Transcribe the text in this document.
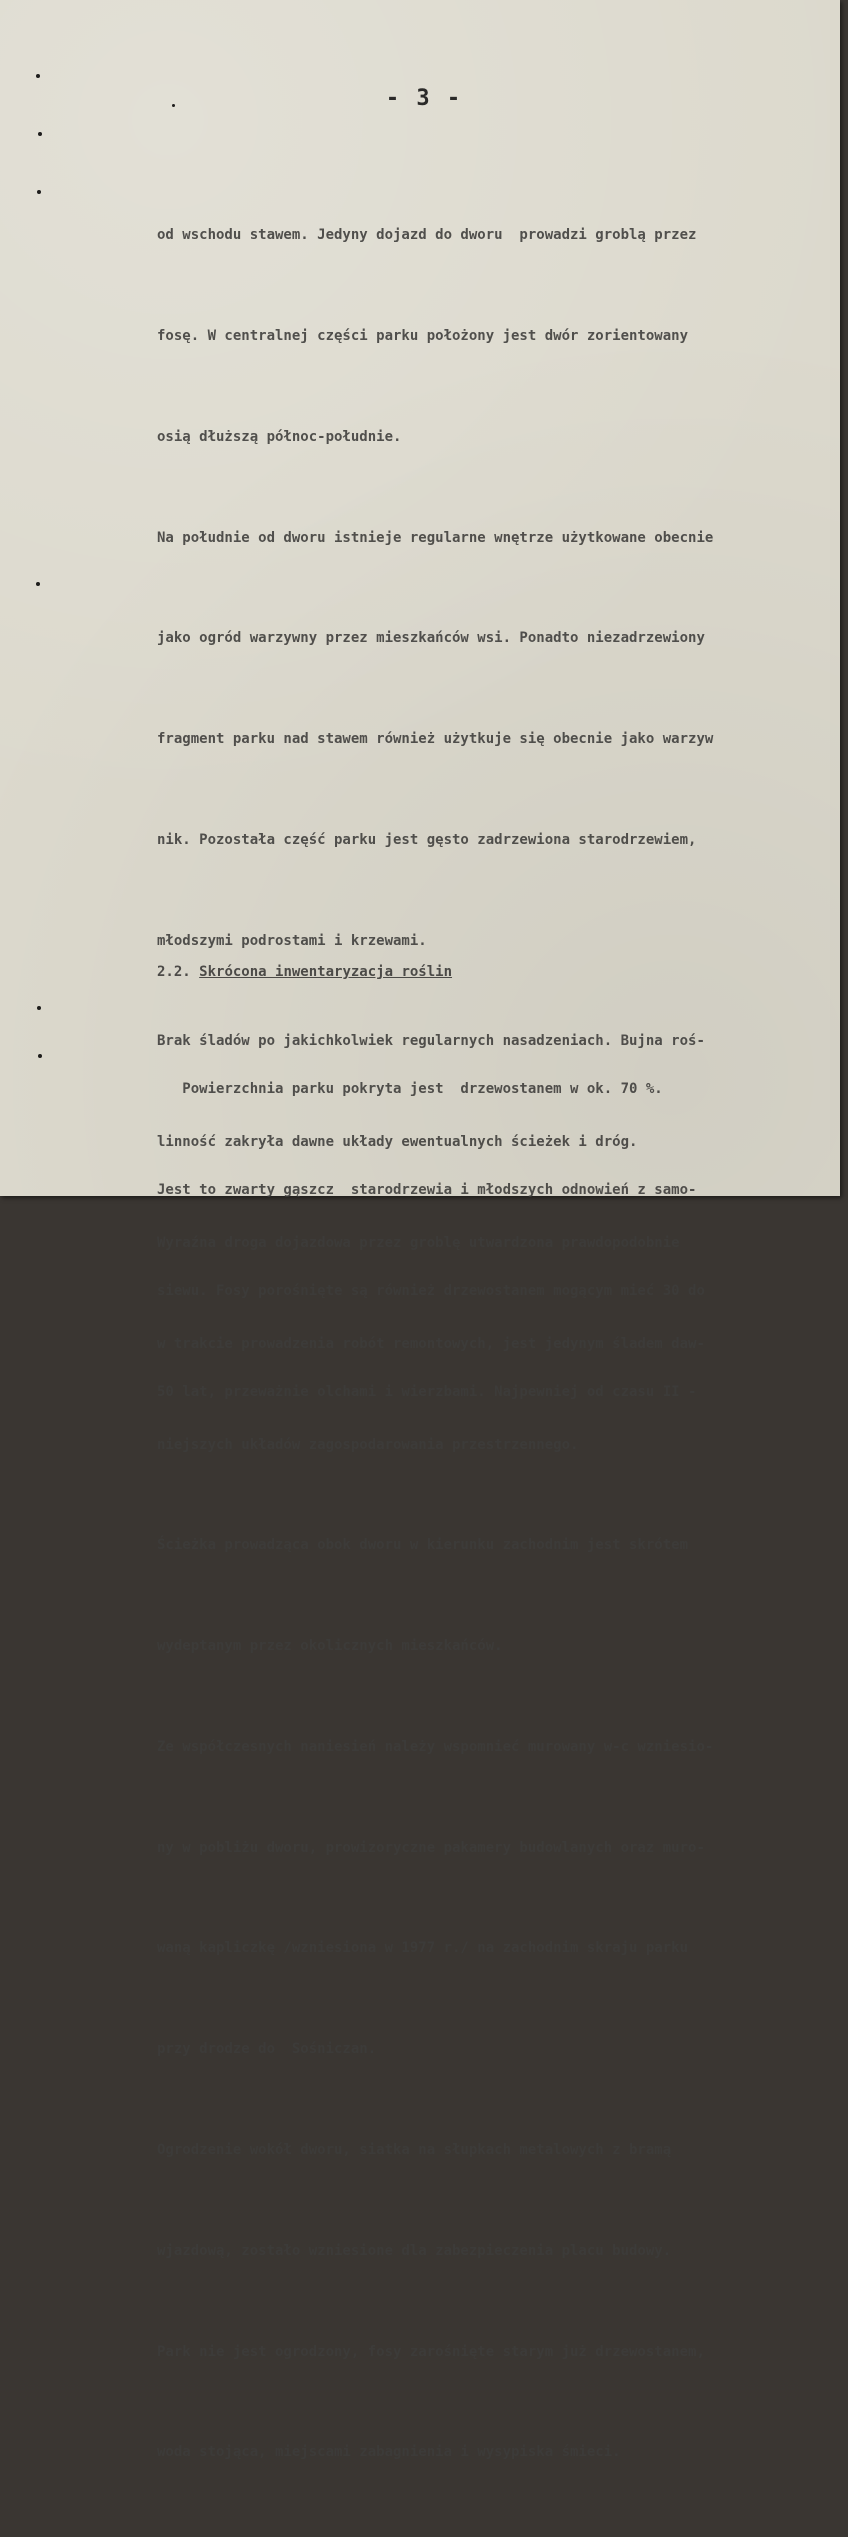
- 3 -

od wschodu stawem. Jedyny dojazd do dworu  prowadzi groblą przez

fosę. W centralnej części parku położony jest dwór zorientowany

osią dłuższą północ-południe.

Na południe od dworu istnieje regularne wnętrze użytkowane obecnie

jako ogród warzywny przez mieszkańców wsi. Ponadto niezadrzewiony

fragment parku nad stawem również użytkuje się obecnie jako warzyw

nik. Pozostała część parku jest gęsto zadrzewiona starodrzewiem,

młodszymi podrostami i krzewami.

Brak śladów po jakichkolwiek regularnych nasadzeniach. Bujna roś-

linność zakryła dawne układy ewentualnych ścieżek i dróg.

Wyraźna droga dojazdowa przez groblę utwardzona prawdopodobnie

w trakcie prowadzenia robót remontowych, jest jedynym śladem daw-

niejszych układów zagospodarowania przestrzennego.

Ścieżka prowadząca obok dworu w kierunku zachodnim jest skrótem

wydeptanym przez okolicznych mieszkańców.

Ze współczesnych naniesień należy wspomnieć murowany w-c wzniesio-

ny w pobliżu dworu, prowizoryczne pakamery budowlanych oraz muro-

waną kapliczkę /wzniesiona w 1977 r./ na zachodnim skraju parku

przy drodze do  Sośniczan.

Ogrodzenie wokół dworu, siatka na słupkach metalowych z bramą

wjazdową, zostało wzniesione dla zabezpieczenia placu budowy.

Park nie jest ogrodzony, fosy zarośnięte starym już drzewostanem,

woda stojąca, miejscami zabagnienia i wysypiska śmieci.

2.2. Skrócona inwentaryzacja roślin

Powierzchnia parku pokryta jest  drzewostanem w ok. 70 %.

Jest to zwarty gąszcz  starodrzewia i młodszych odnowień z samo-

siewu. Fosy porośnięte są również drzewostanem mogącym mieć 30 do

50 lat, przeważnie olchami i wierzbami. Najpewniej od czasu II -
